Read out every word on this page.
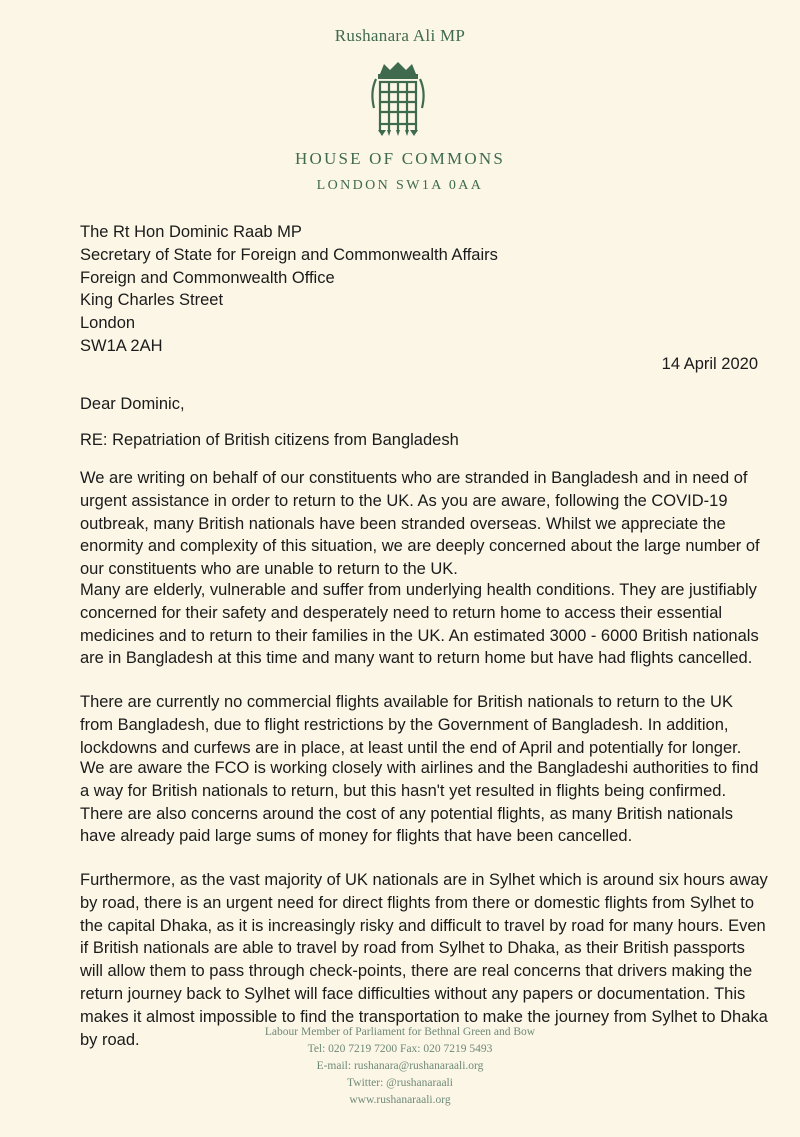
Rushanara Ali MP
HOUSE OF COMMONS
LONDON SW1A 0AA
The Rt Hon Dominic Raab MP
Secretary of State for Foreign and Commonwealth Affairs
Foreign and Commonwealth Office
King Charles Street
London
SW1A 2AH
14 April 2020
Dear Dominic,
RE: Repatriation of British citizens from Bangladesh

We are writing on behalf of our constituents who are stranded in Bangladesh and in need of urgent assistance in order to return to the UK. As you are aware, following the COVID-19 outbreak, many British nationals have been stranded overseas. Whilst we appreciate the enormity and complexity of this situation, we are deeply concerned about the large number of our constituents who are unable to return to the UK.

Many are elderly, vulnerable and suffer from underlying health conditions. They are justifiably concerned for their safety and desperately need to return home to access their essential medicines and to return to their families in the UK. An estimated 3000 - 6000 British nationals are in Bangladesh at this time and many want to return home but have had flights cancelled.

There are currently no commercial flights available for British nationals to return to the UK from Bangladesh, due to flight restrictions by the Government of Bangladesh. In addition, lockdowns and curfews are in place, at least until the end of April and potentially for longer.

We are aware the FCO is working closely with airlines and the Bangladeshi authorities to find a way for British nationals to return, but this hasn't yet resulted in flights being confirmed. There are also concerns around the cost of any potential flights, as many British nationals have already paid large sums of money for flights that have been cancelled.

Furthermore, as the vast majority of UK nationals are in Sylhet which is around six hours away by road, there is an urgent need for direct flights from there or domestic flights from Sylhet to the capital Dhaka, as it is increasingly risky and difficult to travel by road for many hours. Even if British nationals are able to travel by road from Sylhet to Dhaka, as their British passports will allow them to pass through check-points, there are real concerns that drivers making the return journey back to Sylhet will face difficulties without any papers or documentation. This makes it almost impossible to find the transportation to make the journey from Sylhet to Dhaka by road.	Labour Member of Parliament for Bethnal Green and Bow
Tel: 020 7219 7200 Fax: 020 7219 5493
E-mail: rushanara@rushanaraali.org
Twitter: @rushanaraali
www.rushanaraali.org
